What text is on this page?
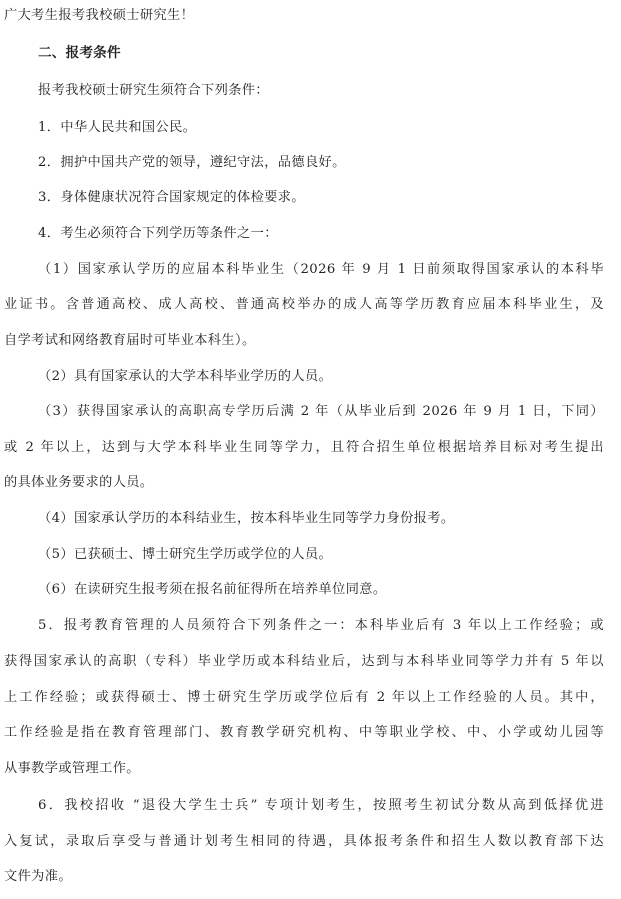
广大考生报考我校硕士研究生！
二、报考条件
报考我校硕士研究生须符合下列条件：
1．中华人民共和国公民。
2．拥护中国共产党的领导，遵纪守法，品德良好。
3．身体健康状况符合国家规定的体检要求。
4．考生必须符合下列学历等条件之一：
（1）国家承认学历的应届本科毕业生（2026 年 9 月 1 日前须取得国家承认的本科毕
业证书。含普通高校、成人高校、普通高校举办的成人高等学历教育应届本科毕业生，及
自学考试和网络教育届时可毕业本科生）。
（2）具有国家承认的大学本科毕业学历的人员。
（3）获得国家承认的高职高专学历后满 2 年（从毕业后到 2026 年 9 月 1 日，下同）
或 2 年以上，达到与大学本科毕业生同等学力，且符合招生单位根据培养目标对考生提出
的具体业务要求的人员。
（4）国家承认学历的本科结业生，按本科毕业生同等学力身份报考。
（5）已获硕士、博士研究生学历或学位的人员。
（6）在读研究生报考须在报名前征得所在培养单位同意。
5．报考教育管理的人员须符合下列条件之一：本科毕业后有 3 年以上工作经验；或
获得国家承认的高职（专科）毕业学历或本科结业后，达到与本科毕业同等学力并有 5 年以
上工作经验；或获得硕士、博士研究生学历或学位后有 2 年以上工作经验的人员。其中，
工作经验是指在教育管理部门、教育教学研究机构、中等职业学校、中、小学或幼儿园等
从事教学或管理工作。
6．我校招收 “退役大学生士兵” 专项计划考生，按照考生初试分数从高到低择优进
入复试，录取后享受与普通计划考生相同的待遇，具体报考条件和招生人数以教育部下达
文件为准。
